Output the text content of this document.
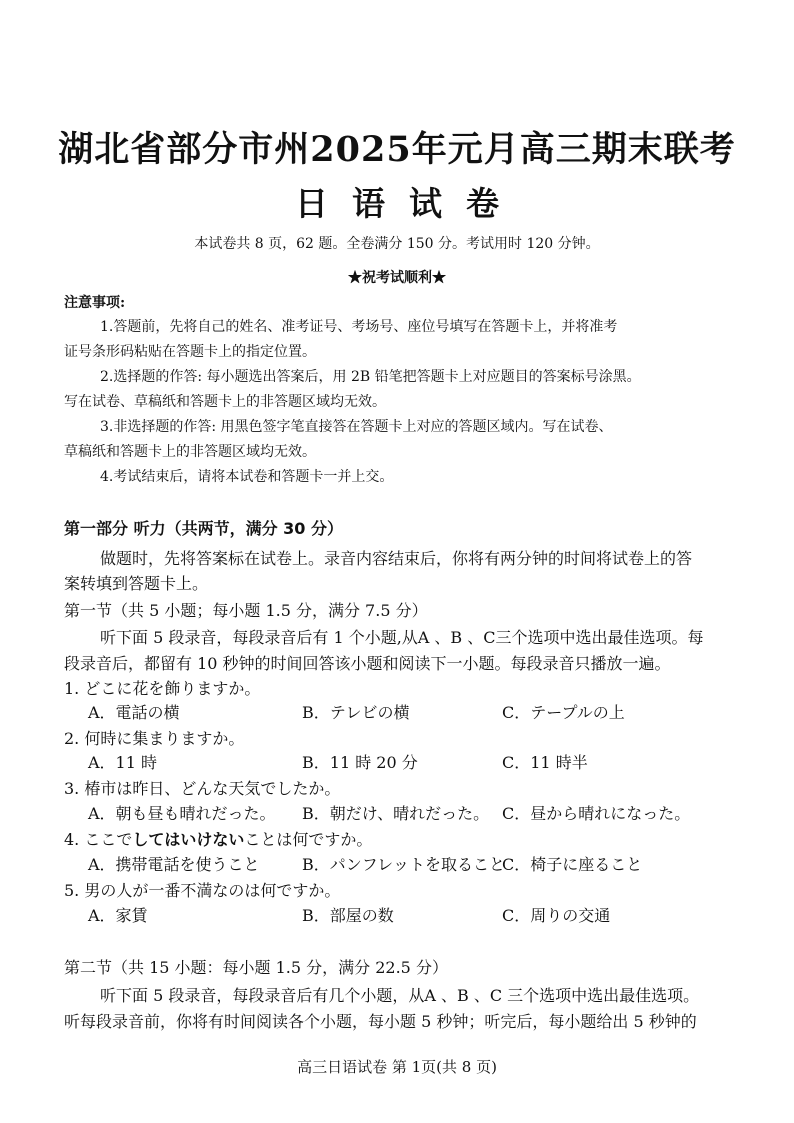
湖北省部分市州2025年元月高三期末联考
日语试卷
本试卷共 8 页，62 题。全卷满分 150 分。考试用时 120 分钟。
★祝考试顺利★
注意事项:
1.答题前，先将自己的姓名、准考证号、考场号、座位号填写在答题卡上，并将准考
证号条形码粘贴在答题卡上的指定位置。
2.选择题的作答: 每小题选出答案后，用 2B 铅笔把答题卡上对应题目的答案标号涂黑。
写在试卷、草稿纸和答题卡上的非答题区域均无效。
3.非选择题的作答: 用黑色签字笔直接答在答题卡上对应的答题区域内。写在试卷、
草稿纸和答题卡上的非答题区域均无效。
4.考试结束后，请将本试卷和答题卡一并上交。
第一部分 听力（共两节，满分 30 分）
做题时，先将答案标在试卷上。录音内容结束后，你将有两分钟的时间将试卷上的答
案转填到答题卡上。
第一节（共 5 小题；每小题 1.5 分，满分 7.5 分）
听下面 5 段录音，每段录音后有 1 个小题,从A 、B 、C三个选项中选出最佳选项。每
段录音后，都留有 10 秒钟的时间回答该小题和阅读下一小题。每段录音只播放一遍。
1. どこに花を飾りますか。
A．電話の横	B．テレビの横	C．テープルの上
2. 何時に集まりますか。
A．11 時	B．11 時 20 分	C．11 時半
3. 椿市は昨日、どんな天気でしたか。
A．朝も昼も晴れだった。 B．朝だけ、晴れだった。 C．昼から晴れになった。
4. ここでしてはいけないことは何ですか。
A．携帯電話を使うこと	B．パンフレットを取ること
C．椅子に座ること
5. 男の人が一番不満なのは何ですか。
A．家賃	B．部屋の数	C．周りの交通
第二节（共 15 小题：每小题 1.5 分，满分 22.5 分）
听下面 5 段录音，每段录音后有几个小题，从A 、B 、C 三个选项中选出最佳选项。
听每段录音前，你将有时间阅读各个小题，每小题 5 秒钟；听完后，每小题给出 5 秒钟的
高三日语试卷 第 1页(共 8 页)
